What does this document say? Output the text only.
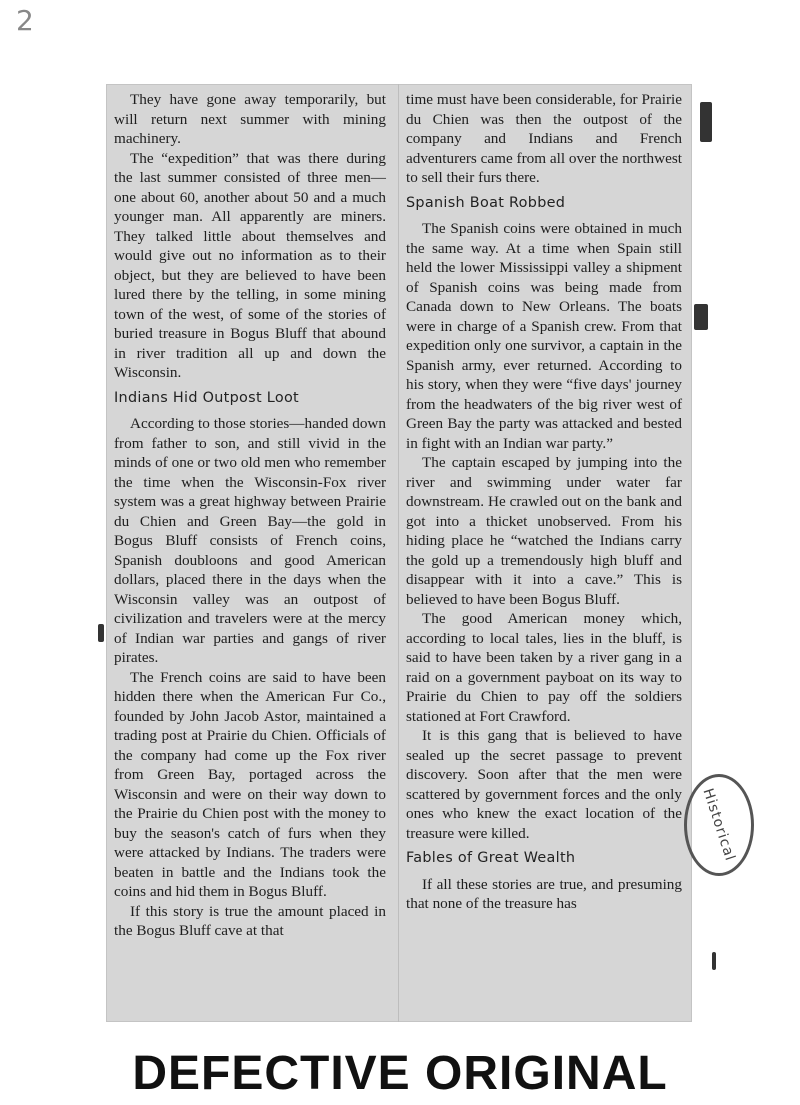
2

They have gone away temporarily, but will return next summer with mining machinery.

The “expedition” that was there during the last summer consisted of three men—one about 60, another about 50 and a much younger man. All apparently are miners. They talked little about themselves and would give out no information as to their object, but they are believed to have been lured there by the telling, in some mining town of the west, of some of the stories of buried treasure in Bogus Bluff that abound in river tradition all up and down the Wisconsin.

Indians Hid Outpost Loot

According to those stories—handed down from father to son, and still vivid in the minds of one or two old men who remember the time when the Wisconsin-Fox river system was a great highway between Prairie du Chien and Green Bay—the gold in Bogus Bluff consists of French coins, Spanish doubloons and good American dollars, placed there in the days when the Wisconsin valley was an outpost of civilization and travelers were at the mercy of Indian war parties and gangs of river pirates.

The French coins are said to have been hidden there when the American Fur Co., founded by John Jacob Astor, maintained a trading post at Prairie du Chien. Officials of the company had come up the Fox river from Green Bay, portaged across the Wisconsin and were on their way down to the Prairie du Chien post with the money to buy the season's catch of furs when they were attacked by Indians. The traders were beaten in battle and the Indians took the coins and hid them in Bogus Bluff.

If this story is true the amount placed in the Bogus Bluff cave at that

time must have been considerable, for Prairie du Chien was then the outpost of the company and Indians and French adventurers came from all over the northwest to sell their furs there.

Spanish Boat Robbed

The Spanish coins were obtained in much the same way. At a time when Spain still held the lower Mississippi valley a shipment of Spanish coins was being made from Canada down to New Orleans. The boats were in charge of a Spanish crew. From that expedition only one survivor, a captain in the Spanish army, ever returned. According to his story, when they were “five days' journey from the headwaters of the big river west of Green Bay the party was attacked and bested in fight with an Indian war party.”

The captain escaped by jumping into the river and swimming under water far downstream. He crawled out on the bank and got into a thicket unobserved. From his hiding place he “watched the Indians carry the gold up a tremendously high bluff and disappear with it into a cave.” This is believed to have been Bogus Bluff.

The good American money which, according to local tales, lies in the bluff, is said to have been taken by a river gang in a raid on a government payboat on its way to Prairie du Chien to pay off the soldiers stationed at Fort Crawford.

It is this gang that is believed to have sealed up the secret passage to prevent discovery. Soon after that the men were scattered by government forces and the only ones who knew the exact location of the treasure were killed.

Fables of Great Wealth

If all these stories are true, and presuming that none of the treasure has

Historical
DEFECTIVE ORIGINAL
